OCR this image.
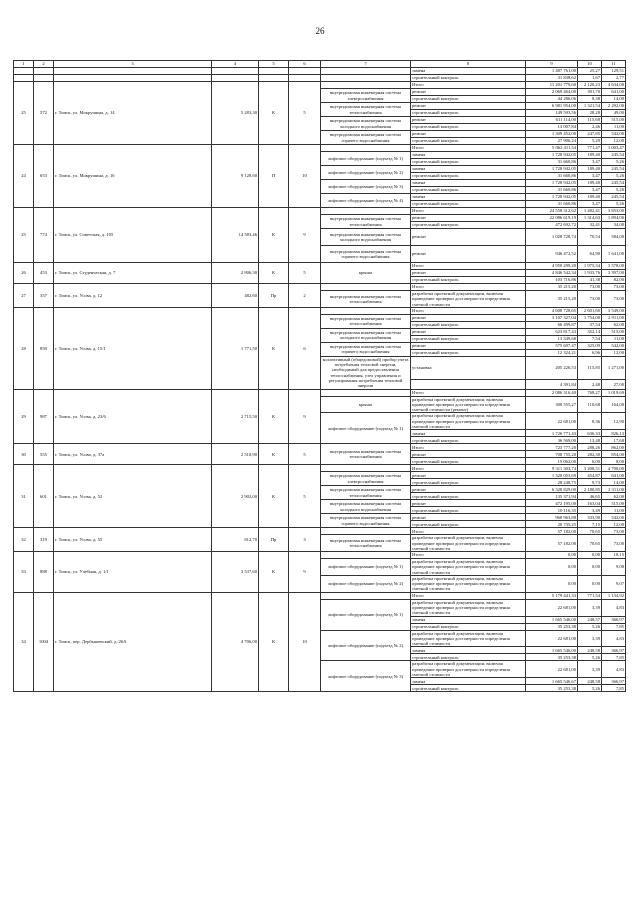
26
1	2	3	4	5	6	7	8	9	10	11
							замена	1 487 761,00	25,27	129,51
							строительный контроль	31 838,62	1,67	2,77
25	572	г. Томск, ул. Мокрушина, д. 14	5 283,30	К	5		Итого	11 201 779,60	2 120,23	4 634,00
						внутридомовая инженерная система электроснабжения	ремонт	2 069 464,00	391,70	641,00
							строительный контроль	44 286,06	8,38	14,00
						внутридомовая инженерная система теплоснабжения	ремонт	6 981 954,00	1 321,54	2 292,00
							строительный контроль	149 593,56	28,28	49,00
						внутридомовая инженерная система холодного водоснабжения	ремонт	611 114,00	115,68	515,00
							строительный контроль	13 007,84	2,46	11,00
						внутридомовая инженерная система горячего водоснабжения	ремонт	1 309 452,00	247,85	542,00
							строительный контроль	27 906,24	5,29	12,00
24	653	г. Томск, ул. Мокрушина, д. 16	9 128,60	П	10		Итого	5 062 411,54	771,47	1 003,47
						лифтовое оборудование (подъезд № 1)	замена	1 728 942,05	189,40	245,54
							строительный контроль	31 660,86	3,47	5,26
						лифтовое оборудование (подъезд № 2)	замена	1 728 942,05	189,40	245,54
							строительный контроль	31 660,86	3,47	5,26
						лифтовое оборудование (подъезд № 3)	замена	1 728 942,05	189,40	245,54
							строительный контроль	31 660,86	3,47	5,26
						лифтовое оборудование (подъезд № 4)	замена	1 728 942,05	189,40	245,54
							строительный контроль	31 660,86	3,47	5,26
25	774	г. Томск, ул. Советская, д. 105	14 583,46	К	9		Итого	24 558 312,62	1 482,41	3 853,00
						внутридомовая инженерная система теплоснабжения	ремонт	22 086 619,19	1 314,63	1 894,00
							строительный контроль	472 692,72	32,41	34,00
						внутридомовая инженерная система холодного водоснабжения	ремонт	1 028 728,74	70,54	584,00
						внутридомовая инженерная система горячего водоснабжения	ремонт	946 472,52	64,90	1 641,00
26	453	г. Томск, ул. Студенческая, д. 7	2 806,30	К	5	крыша	Итого	4 950 299,20	1 975,34	3 578,00
							ремонт	4 846 542,34	1 933,76	3 397,00
							строительный контроль	103 716,86	41,38	82,00
27	357	г. Томск, ул. Усова, д. 12	482,60	Пр	2		Итого	35 215,20	73,00	73,00
						внутридомовая инженерная система теплоснабжения	разработка проектной документации, включая проведение проверки достоверности определения сметной стоимости	35 215,20	73,00	73,00
28	850	г. Томск, ул. Усова, д. 15/1	1 771,50	К	6		Итого	4 608 728,65	2 601,60	3 549,00
						внутридомовая инженерная система теплоснабжения	ремонт	3 107 327,04	1 754,00	2 911,00
							строительный контроль	66 499,87	37,54	62,00
						внутридомовая инженерная система холодного водоснабжения	ремонт	623 817,43	352,14	515,00
							строительный контроль	13 349,68	7,54	11,00
						внутридомовая инженерная система горячего водоснабжения	ремонт	575 697,47	325,09	542,00
							строительный контроль	12 324,21	6,96	12,00
						коллективный (общедомовой) прибор учета потребления тепловой энергии, необходимый для предоставления теплоснабжения, узел управления и регулирования потребления тепловой энергии	установка	205 226,53	115,85	1 271,00
								4 391,84	2,48	27,00
29	987	г. Томск, ул. Усова, д. 23/6	2 715,50	К	9		Итого	2 086 316,40	768,27	1 019,69
						крыша	разработка проектной документации, включая проведение проверки достоверности определения сметной стоимости (ремонт)	300 555,27	110,68	164,00
						лифтовое оборудование (подъезд № 1)	разработка проектной документации, включая проведение проверки достоверности определения сметной стоимости	22 681,00	8,36	12,90
							замена	1 726 771,43	636,33	826,13
							строительный контроль	36 569,00	13,48	17,68
30	555	г. Томск, ул. Усова, д. 37а	2 510,90	К	5	внутридомовая инженерная система теплоснабжения	Итого	723 777,20	288,26	862,00
							ремонт	708 755,20	282,30	854,00
							строительный контроль	15 062,00	6,00	8,00
31	601	г. Томск, ул. Усова, д. 52	2 902,00	К	5		Итого	9 311 303,74	3 208,51	4 700,00
						внутридомовая инженерная система электроснабжения	ремонт	1 320 053,69	454,87	641,00
							строительный контроль	28 248,75	9,73	14,00
						внутридомовая инженерная система теплоснабжения	ремонт	6 328 829,00	2 180,85	2 311,00
							строительный контроль	135 371,94	46,65	62,00
						внутридомовая инженерная система холодного водоснабжения	ремонт	472 195,00	163,04	515,00
							строительный контроль	10 116,35	3,49	11,00
						внутридомовая инженерная система горячего водоснабжения	ремонт	968 963,88	333,90	542,00
							строительный контроль	20 735,25	7,15	12,00
32	319	г. Томск, ул. Усова, д. 55	812,70	Пр	3		Итого	57 182,00	70,65	73,00
						внутридомовая инженерная система теплоснабжения	разработка проектной документации, включая проведение проверки достоверности определения сметной стоимости	57 182,00	70,65	73,00
33	888	г. Томск, ул. Учебная, д. 1/1	3 537,60	К	9		Итого	0,00	0,00	18,15
						лифтовое оборудование (подъезд № 1)	разработка проектной документации, включая проведение проверки достоверности определения сметной стоимости	0,00	0,00	9,08
						лифтовое оборудование (подъезд № 2)	разработка проектной документации, включая проведение проверки достоверности определения сметной стоимости	0,00	0,00	9,07
34	1004	г. Томск, пер. Дербышевский, д. 26А	4 706,00	К	10		Итого	5 179 441,33	771,54	1 134,92
						лифтовое оборудование (подъезд № 1)	разработка проектной документации, включая проведение проверки достоверности определения сметной стоимости	22 681,00	3,39	4,83
							замена	1 665 546,00	248,57	366,97
							строительный контроль	35 253,38	5,26	7,85
						лифтовое оборудование (подъезд № 2)	разработка проектной документации, включая проведение проверки достоверности определения сметной стоимости	22 681,00	3,39	4,83
							замена	1 665 546,00	248,58	366,97
							строительный контроль	35 253,38	5,26	7,85
						лифтовое оборудование (подъезд № 3)	разработка проектной документации, включая проведение проверки достоверности определения сметной стоимости	22 681,00	3,39	4,83
							замена	1 665 546,67	248,58	366,97
							строительный контроль	35 253,38	5,26	7,85
